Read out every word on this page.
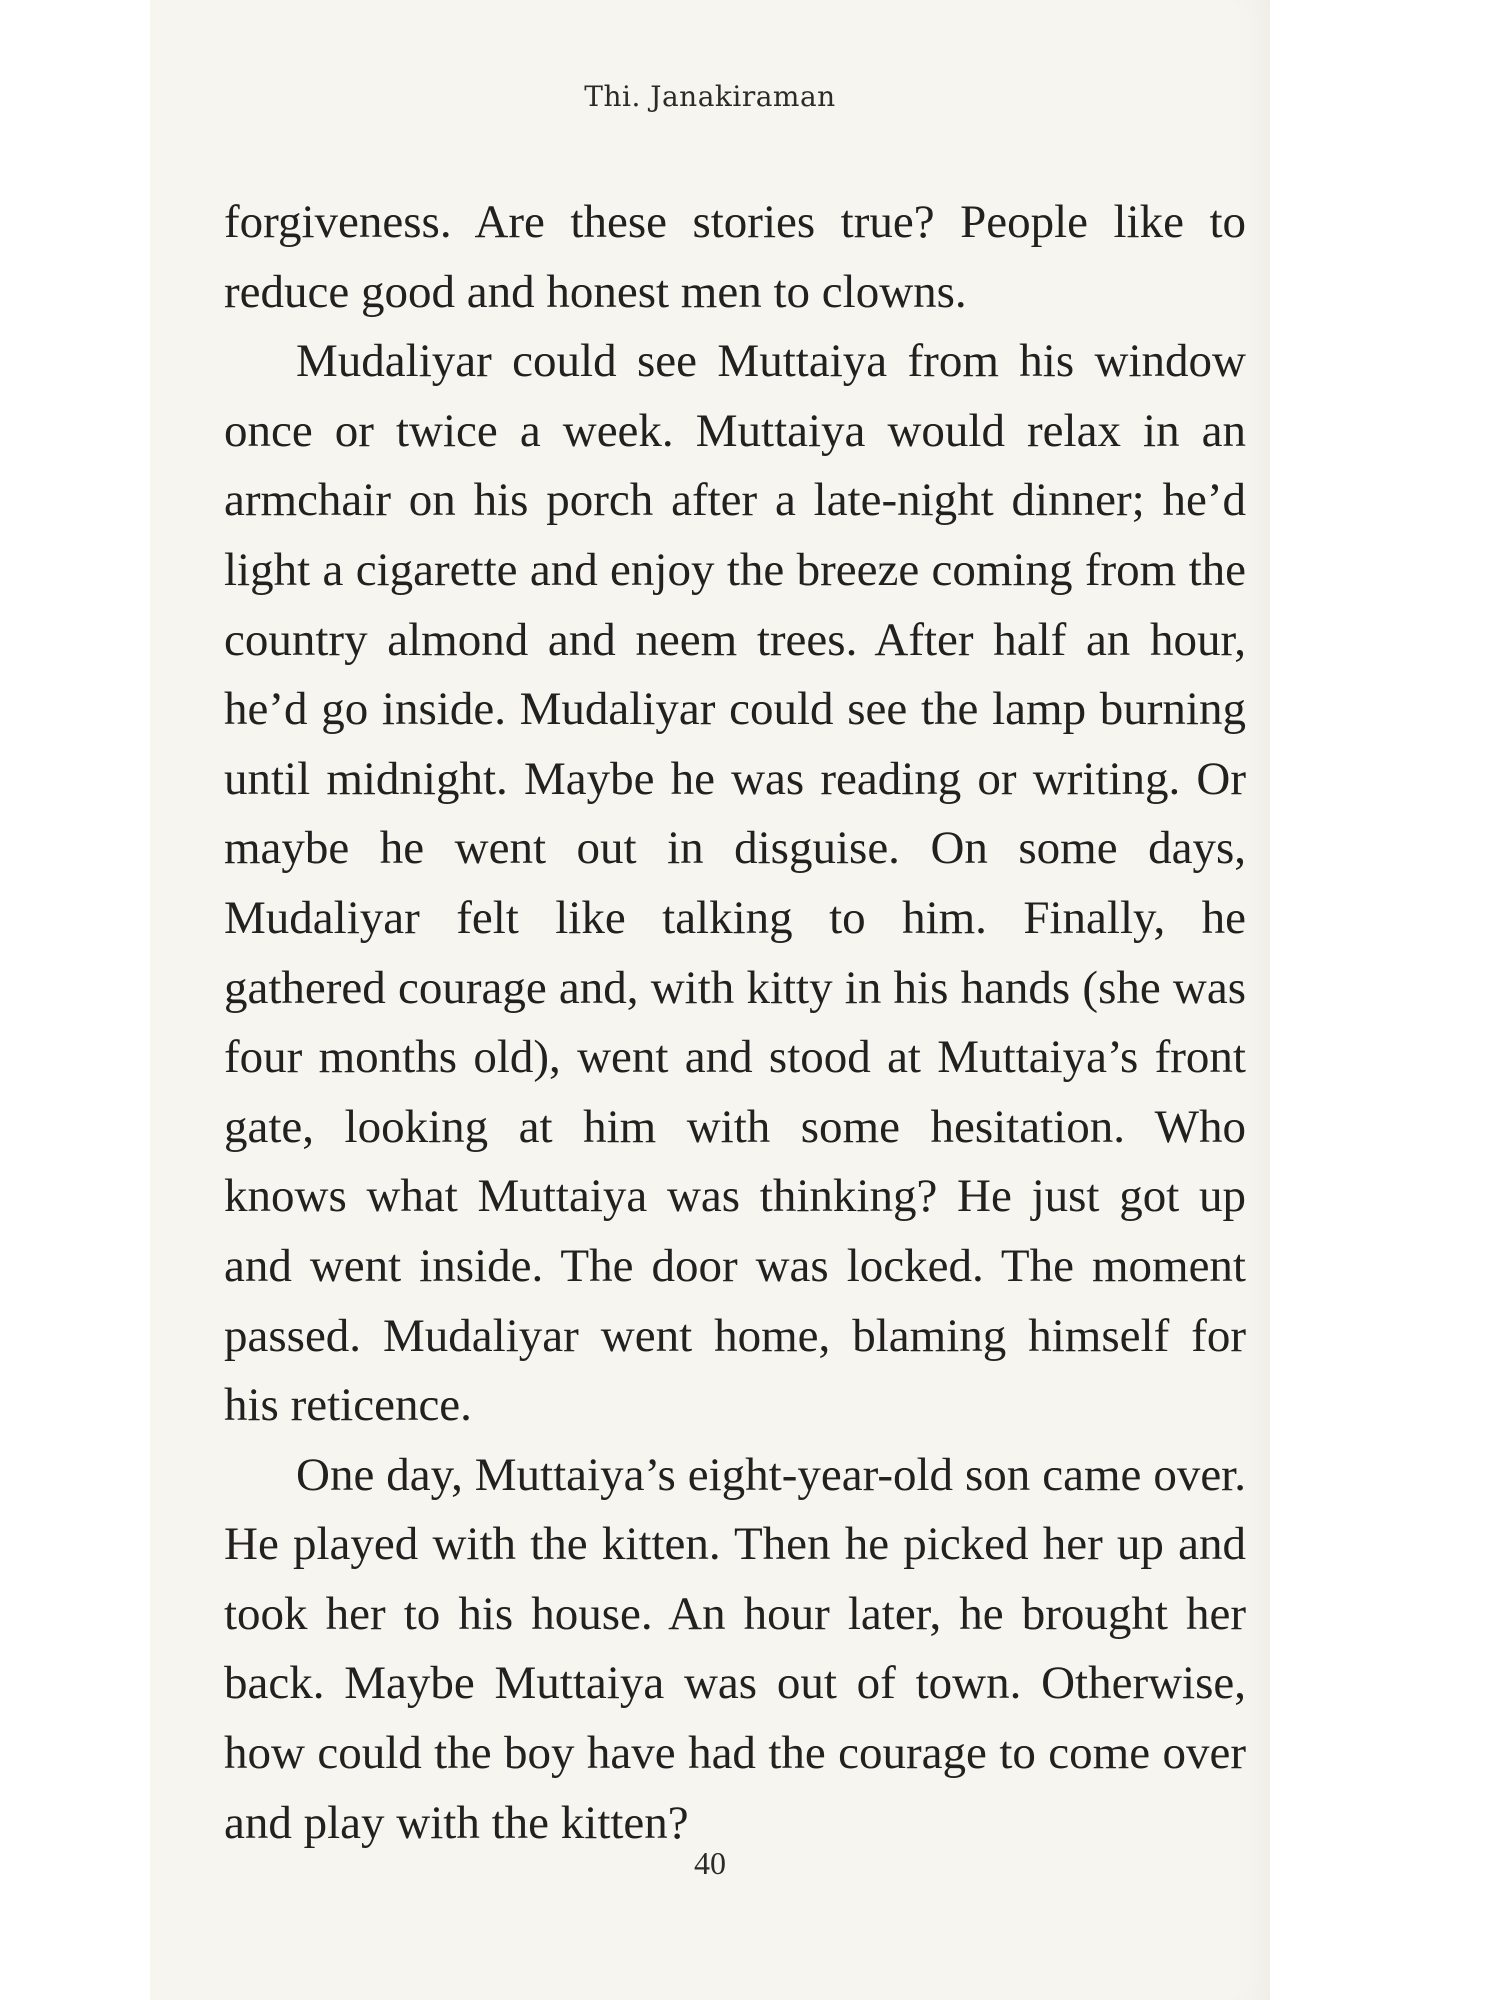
Thi. Janakiraman

forgiveness. Are these stories true? People like to reduce good and honest men to clowns.

Mudaliyar could see Muttaiya from his window once or twice a week. Muttaiya would relax in an armchair on his porch after a late-night dinner; he’d light a cigarette and enjoy the breeze coming from the country almond and neem trees. After half an hour, he’d go inside. Mudaliyar could see the lamp burning until midnight. Maybe he was reading or writing. Or maybe he went out in disguise. On some days, Mudaliyar felt like talking to him. Finally, he gathered courage and, with kitty in his hands (she was four months old), went and stood at Muttaiya’s front gate, looking at him with some hesitation. Who knows what Muttaiya was thinking? He just got up and went inside. The door was locked. The moment passed. Mudaliyar went home, blaming himself for his reticence.

One day, Muttaiya’s eight-year-old son came over. He played with the kitten. Then he picked her up and took her to his house. An hour later, he brought her back. Maybe Muttaiya was out of town. Otherwise, how could the boy have had the courage to come over and play with the kitten?

40
